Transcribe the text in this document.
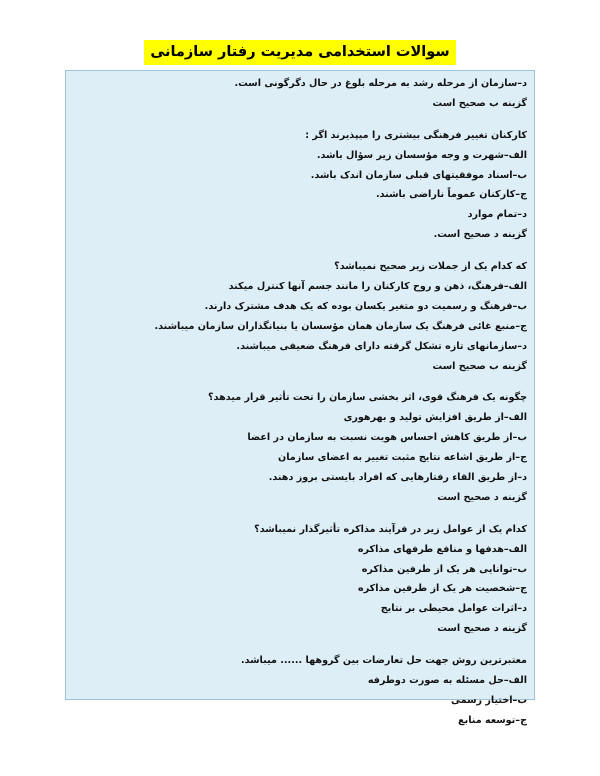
سوالات استخدامی مدیریت رفتار سازمانی
د–سازمان از مرحله رشد به مرحله بلوغ در حال دگرگونی است.
گزینه ب صحیح است
کارکنان تغییر فرهنگی بیشتری را میپذیرند اگر :
الف–شهرت و وجه مؤسسان زیر سؤال باشد.
ب–اسناد موفقیتهای قبلی سازمان اندک باشد.
ج–کارکنان عموماً ناراضی باشند.
د–تمام موارد
گزینه د صحیح است.
که کدام یک از جملات زیر صحیح نمیباشد؟
الف–فرهنگ، ذهن و روح کارکنان را مانند جسم آنها کنترل میکند
ب–فرهنگ و رسمیت دو متغیر یکسان بوده که یک هدف مشترک دارند.
ج–منبع غائی فرهنگ یک سازمان همان مؤسسان یا بنیانگذاران سازمان میباشند.
د–سازمانهای تازه تشکل گرفته دارای فرهنگ ضعیفی میباشند.
گزینه ب صحیح است
چگونه یک فرهنگ قوی، اثر بخشی سازمان را تحت تأثیر قرار میدهد؟
الف–از طریق افزایش تولید و بهرهوری
ب–از طریق کاهش احساس هویت نسبت به سازمان در اعضا
ج–از طریق اشاعه نتایج مثبت تغییر به اعضای سازمان
د–از طریق القاء رفتارهایی که افراد بایستی بروز دهند.
گزینه د صحیح است
کدام یک از عوامل زیر در فرآیند مذاکره تأثیرگذار نمیباشد؟
الف–هدفها و منافع طرفهای مذاکره
ب–توانایی هر یک از طرفین مذاکره
ج–شخصیت هر یک از طرفین مذاکره
د–اثرات عوامل محیطی بر نتایج
گزینه د صحیح است
معتبرترین روش جهت حل تعارضات بین گروهها ...... میباشد.
الف–حل مسئله به صورت دوطرفه
ب–اختیار رسمی
ج–توسعه منابع
